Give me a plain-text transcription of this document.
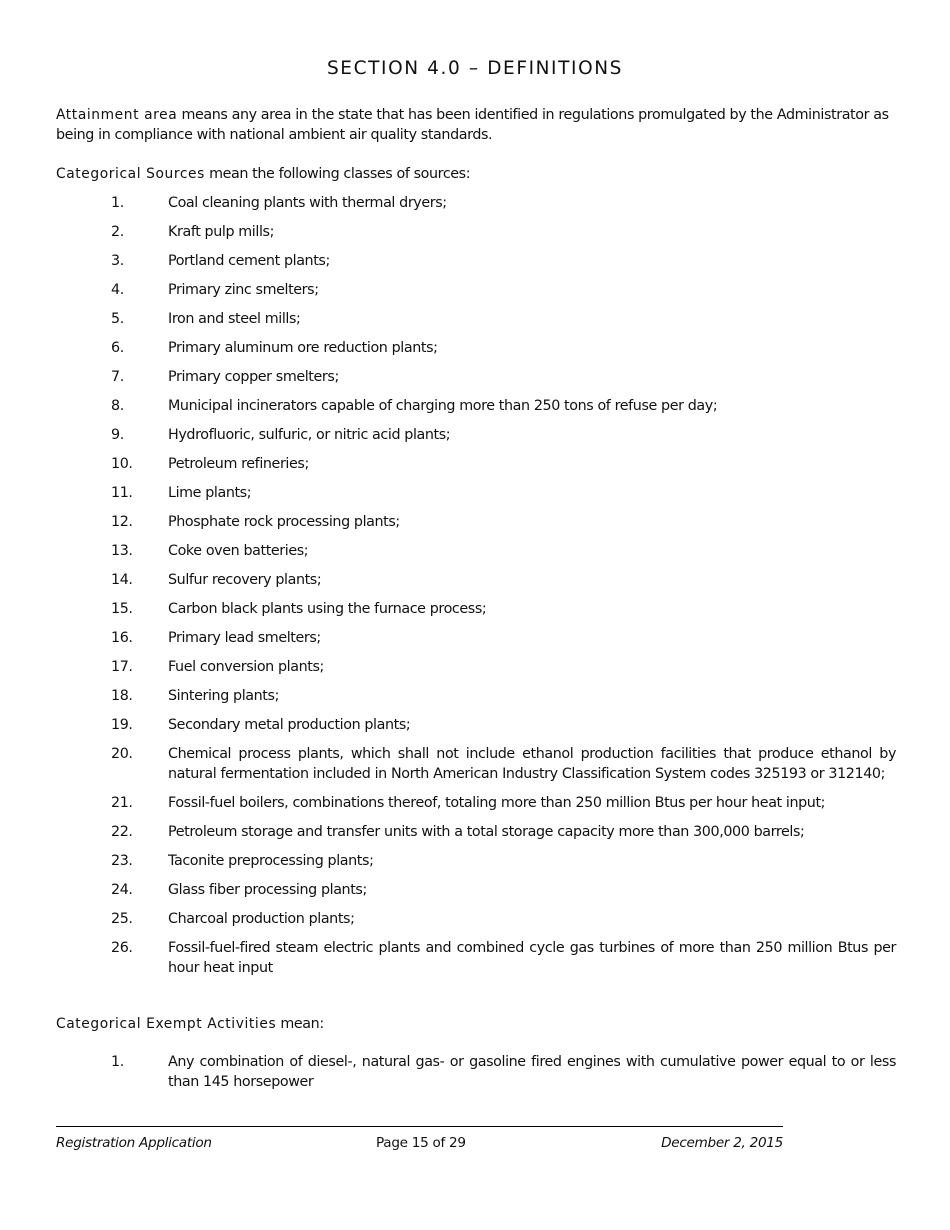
SECTION 4.0 – DEFINITIONS

Attainment area means any area in the state that has been identified in regulations promulgated by the Administrator as being in compliance with national ambient air quality standards.

Categorical Sources mean the following classes of sources:

1.	Coal cleaning plants with thermal dryers;
2.	Kraft pulp mills;
3.	Portland cement plants;
4.	Primary zinc smelters;
5.	Iron and steel mills;
6.	Primary aluminum ore reduction plants;
7.	Primary copper smelters;
8.	Municipal incinerators capable of charging more than 250 tons of refuse per day;
9.	Hydrofluoric, sulfuric, or nitric acid plants;
10. Petroleum refineries;
11. Lime plants;
12. Phosphate rock processing plants;
13. Coke oven batteries;
14. Sulfur recovery plants;
15. Carbon black plants using the furnace process;
16. Primary lead smelters;
17. Fuel conversion plants;
18. Sintering plants;
19. Secondary metal production plants;
20. Chemical process plants, which shall not include ethanol production facilities that produce ethanol by natural fermentation included in North American Industry Classification System codes 325193 or 312140;
21. Fossil-fuel boilers, combinations thereof, totaling more than 250 million Btus per hour heat input;
22. Petroleum storage and transfer units with a total storage capacity more than 300,000 barrels;
23. Taconite preprocessing plants;
24. Glass fiber processing plants;
25. Charcoal production plants;
26. Fossil-fuel-fired steam electric plants and combined cycle gas turbines of more than 250 million Btus per hour heat input

Categorical Exempt Activities mean:

1.	Any combination of diesel-, natural gas- or gasoline fired engines with cumulative power equal to or less than 145 horsepower
Registration Application	Page 15 of 29	December 2, 2015
